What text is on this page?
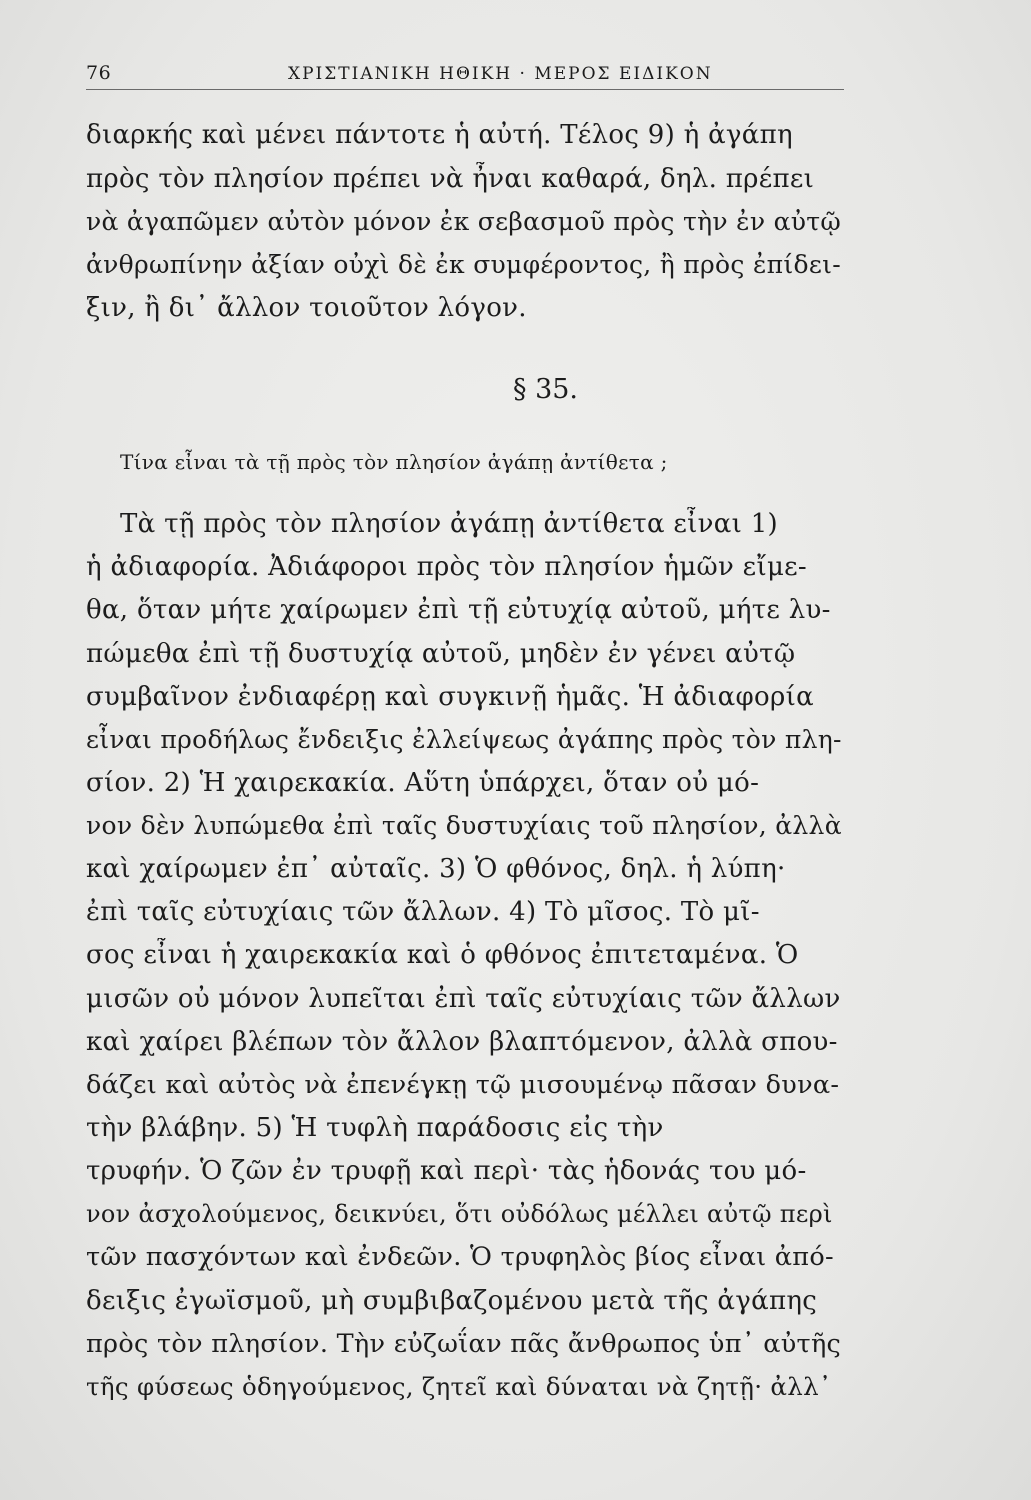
76	ΧΡΙΣΤΙΑΝΙΚΗ ΗΘΙΚΗ · ΜΕΡΟΣ ΕΙΔΙΚΟΝ
διαρκής καὶ μένει πάντοτε ἡ αὐτή. Τέλος 9) ἡ ἀγάπη
πρὸς τὸν πλησίον πρέπει νὰ ἦναι καθαρά, δηλ. πρέπει
νὰ ἀγαπῶμεν αὐτὸν μόνον ἐκ σεβασμοῦ πρὸς τὴν ἐν αὐτῷ
ἀνθρωπίνην ἀξίαν οὐχὶ δὲ ἐκ συμφέροντος, ἢ πρὸς ἐπίδει-
ξιν, ἢ δι᾽ ἄλλον τοιοῦτον λόγον.
§ 35.
Τίνα εἶναι τὰ τῇ πρὸς τὸν πλησίον ἀγάπῃ ἀντίθετα ;
Τὰ τῇ πρὸς τὸν πλησίον ἀγάπῃ ἀντίθετα εἶναι 1)
ἡ ἀδιαφορία. Ἀδιάφοροι πρὸς τὸν πλησίον ἡμῶν εἴμε-
θα, ὅταν μήτε χαίρωμεν ἐπὶ τῇ εὐτυχίᾳ αὐτοῦ, μήτε λυ-
πώμεθα ἐπὶ τῇ δυστυχίᾳ αὐτοῦ, μηδὲν ἐν γένει αὐτῷ
συμβαῖνον ἐνδιαφέρῃ καὶ συγκινῇ ἡμᾶς. Ἡ ἀδιαφορία
εἶναι προδήλως ἔνδειξις ἐλλείψεως ἀγάπης πρὸς τὸν πλη-
σίον. 2) Ἡ χαιρεκακία. Αὕτη ὑπάρχει, ὅταν οὐ μό-
νον δὲν λυπώμεθα ἐπὶ ταῖς δυστυχίαις τοῦ πλησίον, ἀλλὰ
καὶ χαίρωμεν ἐπ᾽ αὐταῖς. 3) Ὁ φθόνος, δηλ. ἡ λύπη·
ἐπὶ ταῖς εὐτυχίαις τῶν ἄλλων. 4) Τὸ μῖσος. Τὸ μῖ-
σος εἶναι ἡ χαιρεκακία καὶ ὁ φθόνος ἐπιτεταμένα. Ὁ
μισῶν οὐ μόνον λυπεῖται ἐπὶ ταῖς εὐτυχίαις τῶν ἄλλων
καὶ χαίρει βλέπων τὸν ἄλλον βλαπτόμενον, ἀλλὰ σπου-
δάζει καὶ αὐτὸς νὰ ἐπενέγκῃ τῷ μισουμένῳ πᾶσαν δυνα-
τὴν βλάβην. 5) Ἡ τυφλὴ παράδοσις εἰς τὴν
τρυφήν. Ὁ ζῶν ἐν τρυφῇ καὶ περὶ· τὰς ἡδονάς του μό-
νον ἀσχολούμενος, δεικνύει, ὅτι οὐδόλως μέλλει αὐτῷ περὶ
τῶν πασχόντων καὶ ἐνδεῶν. Ὁ τρυφηλὸς βίος εἶναι ἀπό-
δειξις ἐγωϊσμοῦ, μὴ συμβιβαζομένου μετὰ τῆς ἀγάπης
πρὸς τὸν πλησίον. Τὴν εὐζωΐαν πᾶς ἄνθρωπος ὑπ᾽ αὐτῆς
τῆς φύσεως ὁδηγούμενος, ζητεῖ καὶ δύναται νὰ ζητῇ· ἀλλ᾽
